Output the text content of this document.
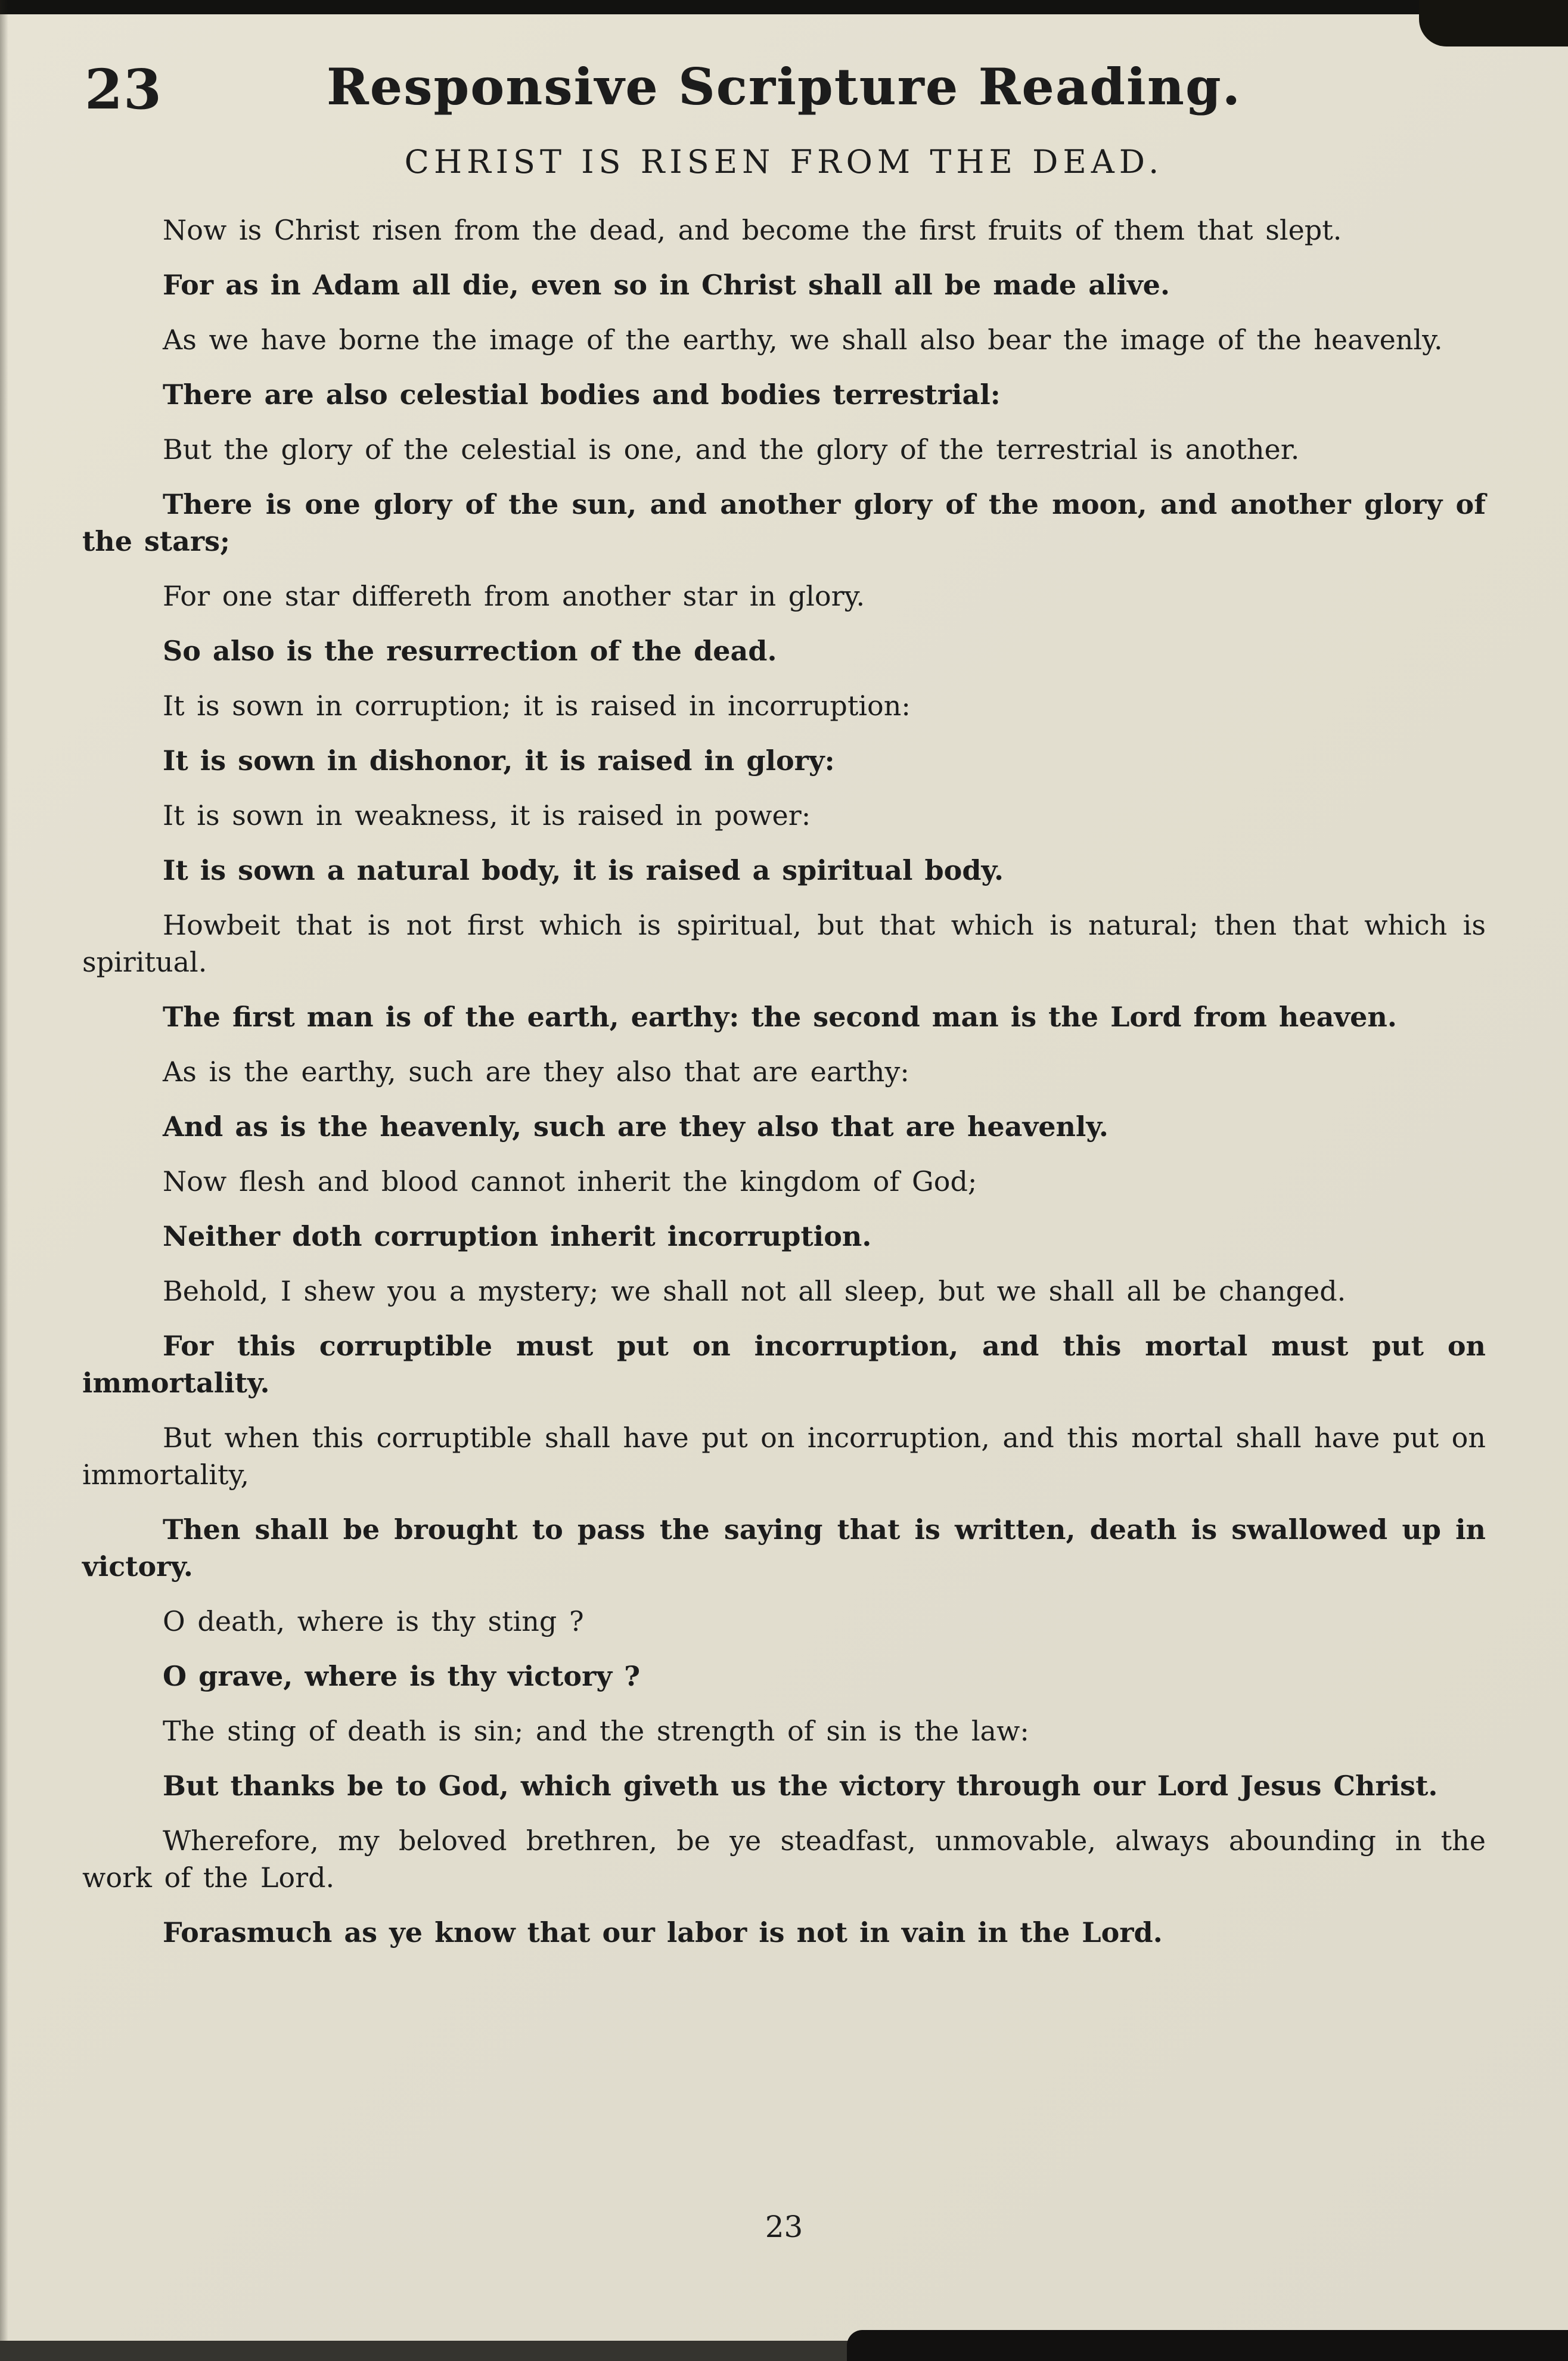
23	Responsive Scripture Reading.
CHRIST IS RISEN FROM THE DEAD.

Now is Christ risen from the dead, and become the first fruits of them that slept.

For as in Adam all die, even so in Christ shall all be made alive.

As we have borne the image of the earthy, we shall also bear the image of the heavenly.

There are also celestial bodies and bodies terrestrial:

But the glory of the celestial is one, and the glory of the terrestrial is another.

There is one glory of the sun, and another glory of the moon, and another glory of the stars;

For one star differeth from another star in glory.

So also is the resurrection of the dead.

It is sown in corruption; it is raised in incorruption:

It is sown in dishonor, it is raised in glory:

It is sown in weakness, it is raised in power:

It is sown a natural body, it is raised a spiritual body.

Howbeit that is not first which is spiritual, but that which is natural; then that which is spiritual.

The first man is of the earth, earthy: the second man is the Lord from heaven.

As is the earthy, such are they also that are earthy:

And as is the heavenly, such are they also that are heavenly.

Now flesh and blood cannot inherit the kingdom of God;

Neither doth corruption inherit incorruption.

Behold, I shew you a mystery; we shall not all sleep, but we shall all be changed.

For this corruptible must put on incorruption, and this mortal must put on immortality.

But when this corruptible shall have put on incorruption, and this mortal shall have put on immortality,

Then shall be brought to pass the saying that is written, death is swallowed up in victory.

O death, where is thy sting ?

O grave, where is thy victory ?

The sting of death is sin; and the strength of sin is the law:

But thanks be to God, which giveth us the victory through our Lord Jesus Christ.

Wherefore, my beloved brethren, be ye steadfast, unmovable, always abounding in the work of the Lord.

Forasmuch as ye know that our labor is not in vain in the Lord.

23
